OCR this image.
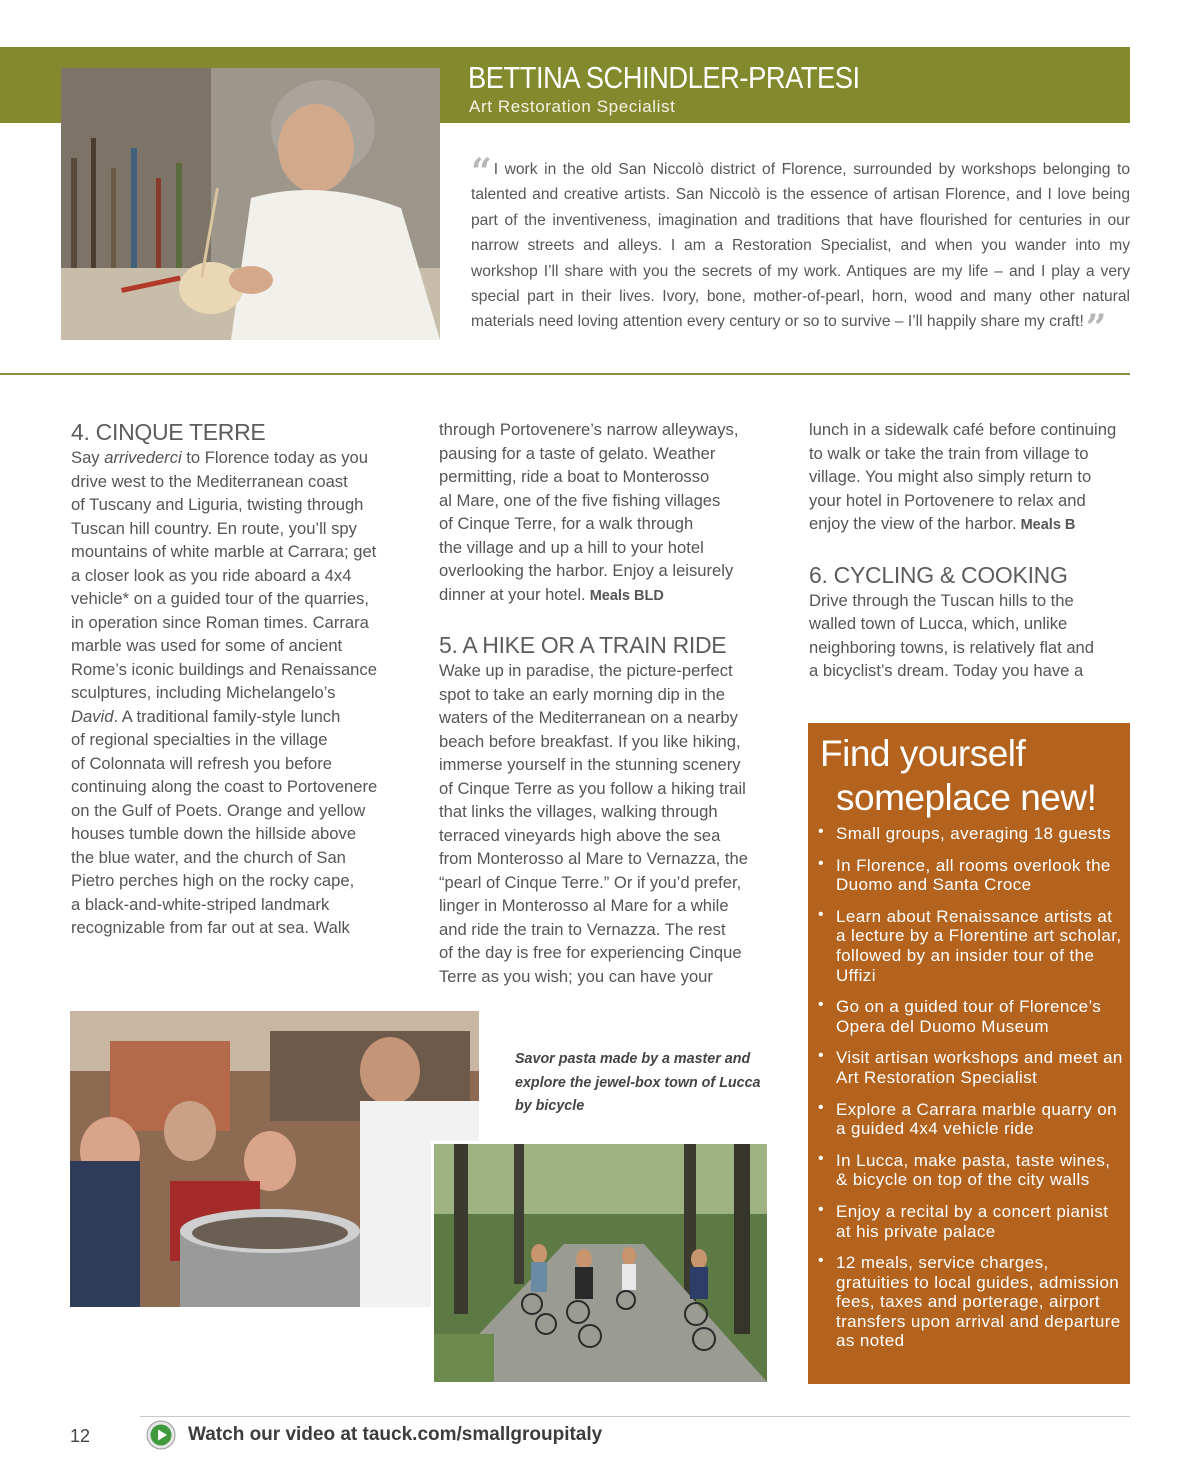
BETTINA SCHINDLER-PRATESI
Art Restoration Specialist
“ I work in the old San Niccolò district of Florence, surrounded by workshops belonging to talented and creative artists. San Niccolò is the essence of artisan Florence, and I love being part of the inventiveness, imagination and traditions that have flourished for centuries in our narrow streets and alleys. I am a Restoration Specialist, and when you wander into my workshop I’ll share with you the secrets of my work. Antiques are my life – and I play a very special part in their lives. Ivory, bone, mother-of-pearl, horn, wood and many other natural materials need loving attention every century or so to survive – I’ll happily share my craft!”
4. CINQUE TERRE

Say arrivederci to Florence today as you
drive west to the Mediterranean coast
of Tuscany and Liguria, twisting through
Tuscan hill country. En route, you’ll spy
mountains of white marble at Carrara; get
a closer look as you ride aboard a 4x4
vehicle* on a guided tour of the quarries,
in operation since Roman times. Carrara
marble was used for some of ancient
Rome’s iconic buildings and Renaissance
sculptures, including Michelangelo’s
David. A traditional family-style lunch
of regional specialties in the village
of Colonnata will refresh you before
continuing along the coast to Portovenere
on the Gulf of Poets. Orange and yellow
houses tumble down the hillside above
the blue water, and the church of San
Pietro perches high on the rocky cape,
a black-and-white-striped landmark
recognizable from far out at sea. Walk

through Portovenere’s narrow alleyways,
pausing for a taste of gelato. Weather
permitting, ride a boat to Monterosso
al Mare, one of the five fishing villages
of Cinque Terre, for a walk through
the village and up a hill to your hotel
overlooking the harbor. Enjoy a leisurely
dinner at your hotel. Meals BLD

5. A HIKE OR A TRAIN RIDE

Wake up in paradise, the picture-perfect
spot to take an early morning dip in the
waters of the Mediterranean on a nearby
beach before breakfast. If you like hiking,
immerse yourself in the stunning scenery
of Cinque Terre as you follow a hiking trail
that links the villages, walking through
terraced vineyards high above the sea
from Monterosso al Mare to Vernazza, the
“pearl of Cinque Terre.” Or if you’d prefer,
linger in Monterosso al Mare for a while
and ride the train to Vernazza. The rest
of the day is free for experiencing Cinque
Terre as you wish; you can have your

lunch in a sidewalk café before continuing
to walk or take the train from village to
village. You might also simply return to
your hotel in Portovenere to relax and
enjoy the view of the harbor. Meals B

6. CYCLING & COOKING

Drive through the Tuscan hills to the
walled town of Lucca, which, unlike
neighboring towns, is relatively flat and
a bicyclist’s dream. Today you have a

Find yourself
someplace new!
• Small groups, averaging 18 guests
• In Florence, all rooms overlook the Duomo and Santa Croce
• Learn about Renaissance artists at a lecture by a Florentine art scholar, followed by an insider tour of the Uffizi
• Go on a guided tour of Florence’s Opera del Duomo Museum
• Visit artisan workshops and meet an Art Restoration Specialist
• Explore a Carrara marble quarry on a guided 4x4 vehicle ride
• In Lucca, make pasta, taste wines, & bicycle on top of the city walls
• Enjoy a recital by a concert pianist at his private palace
• 12 meals, service charges, gratuities to local guides, admission fees, taxes and porterage, airport transfers upon arrival and departure as noted
Savor pasta made by a master and explore the jewel-box town of Lucca by bicycle
12	Watch our video at tauck.com/smallgroupitaly
